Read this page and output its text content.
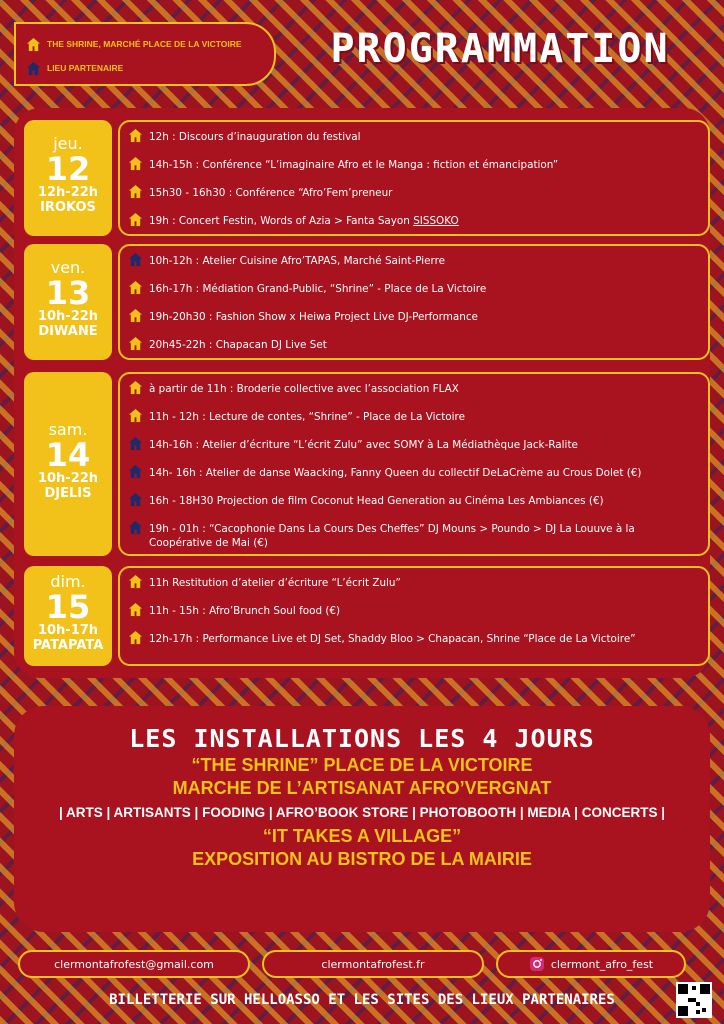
THE SHRINE, MARCHÉ PLACE DE LA VICTOIRE
LIEU PARTENAIRE	PROGRAMMATION
jeu.
12
12h-22h
IROKOS
12h : Discours d’inauguration du festival
14h-15h : Conférence “L’imaginaire Afro et le Manga : fiction et émancipation”
15h30 - 16h30 : Conférence “Afro’Fem’preneur
19h : Concert Festin, Words of Azia > Fanta Sayon SISSOKO
ven.
13
10h-22h
DIWANE
10h-12h : Atelier Cuisine Afro’TAPAS, Marché Saint-Pierre
16h-17h : Médiation Grand-Public, “Shrine” - Place de La Victoire
19h-20h30 : Fashion Show x Heiwa Project Live DJ-Performance
20h45-22h : Chapacan DJ Live Set
sam.
14
10h-22h
DJELIS
à partir de 11h : Broderie collective avec l’association FLAX
11h - 12h : Lecture de contes, “Shrine” - Place de La Victoire
14h-16h : Atelier d’écriture “L’écrit Zulu” avec SOMY à La Médiathèque Jack-Ralite
14h- 16h : Atelier de danse Waacking, Fanny Queen du collectif DeLaCrème au Crous Dolet (€)
16h - 18H30 Projection de film Coconut Head Generation au Cinéma Les Ambiances (€)
19h - 01h : “Cacophonie Dans La Cours Des Cheffes” DJ Mouns > Poundo > DJ La Louuve à la Coopérative de Mai (€)
dim.
15
10h-17h
PATAPATA
11h Restitution d’atelier d’écriture “L’écrit Zulu”
11h - 15h : Afro’Brunch Soul food (€)
12h-17h : Performance Live et DJ Set, Shaddy Bloo > Chapacan, Shrine “Place de La Victoire”
LES INSTALLATIONS LES 4 JOURS
“THE SHRINE” PLACE DE LA VICTOIRE
MARCHE DE L’ARTISANAT AFRO’VERGNAT
| ARTS | ARTISANTS | FOODING | AFRO’BOOK STORE | PHOTOBOOTH | MEDIA | CONCERTS |
“IT TAKES A VILLAGE”
EXPOSITION AU BISTRO DE LA MAIRIE
clermontafrofest@gmail.com	clermontafrofest.fr	clermont_afro_fest
BILLETTERIE SUR HELLOASSO ET LES SITES DES LIEUX PARTENAIRES
